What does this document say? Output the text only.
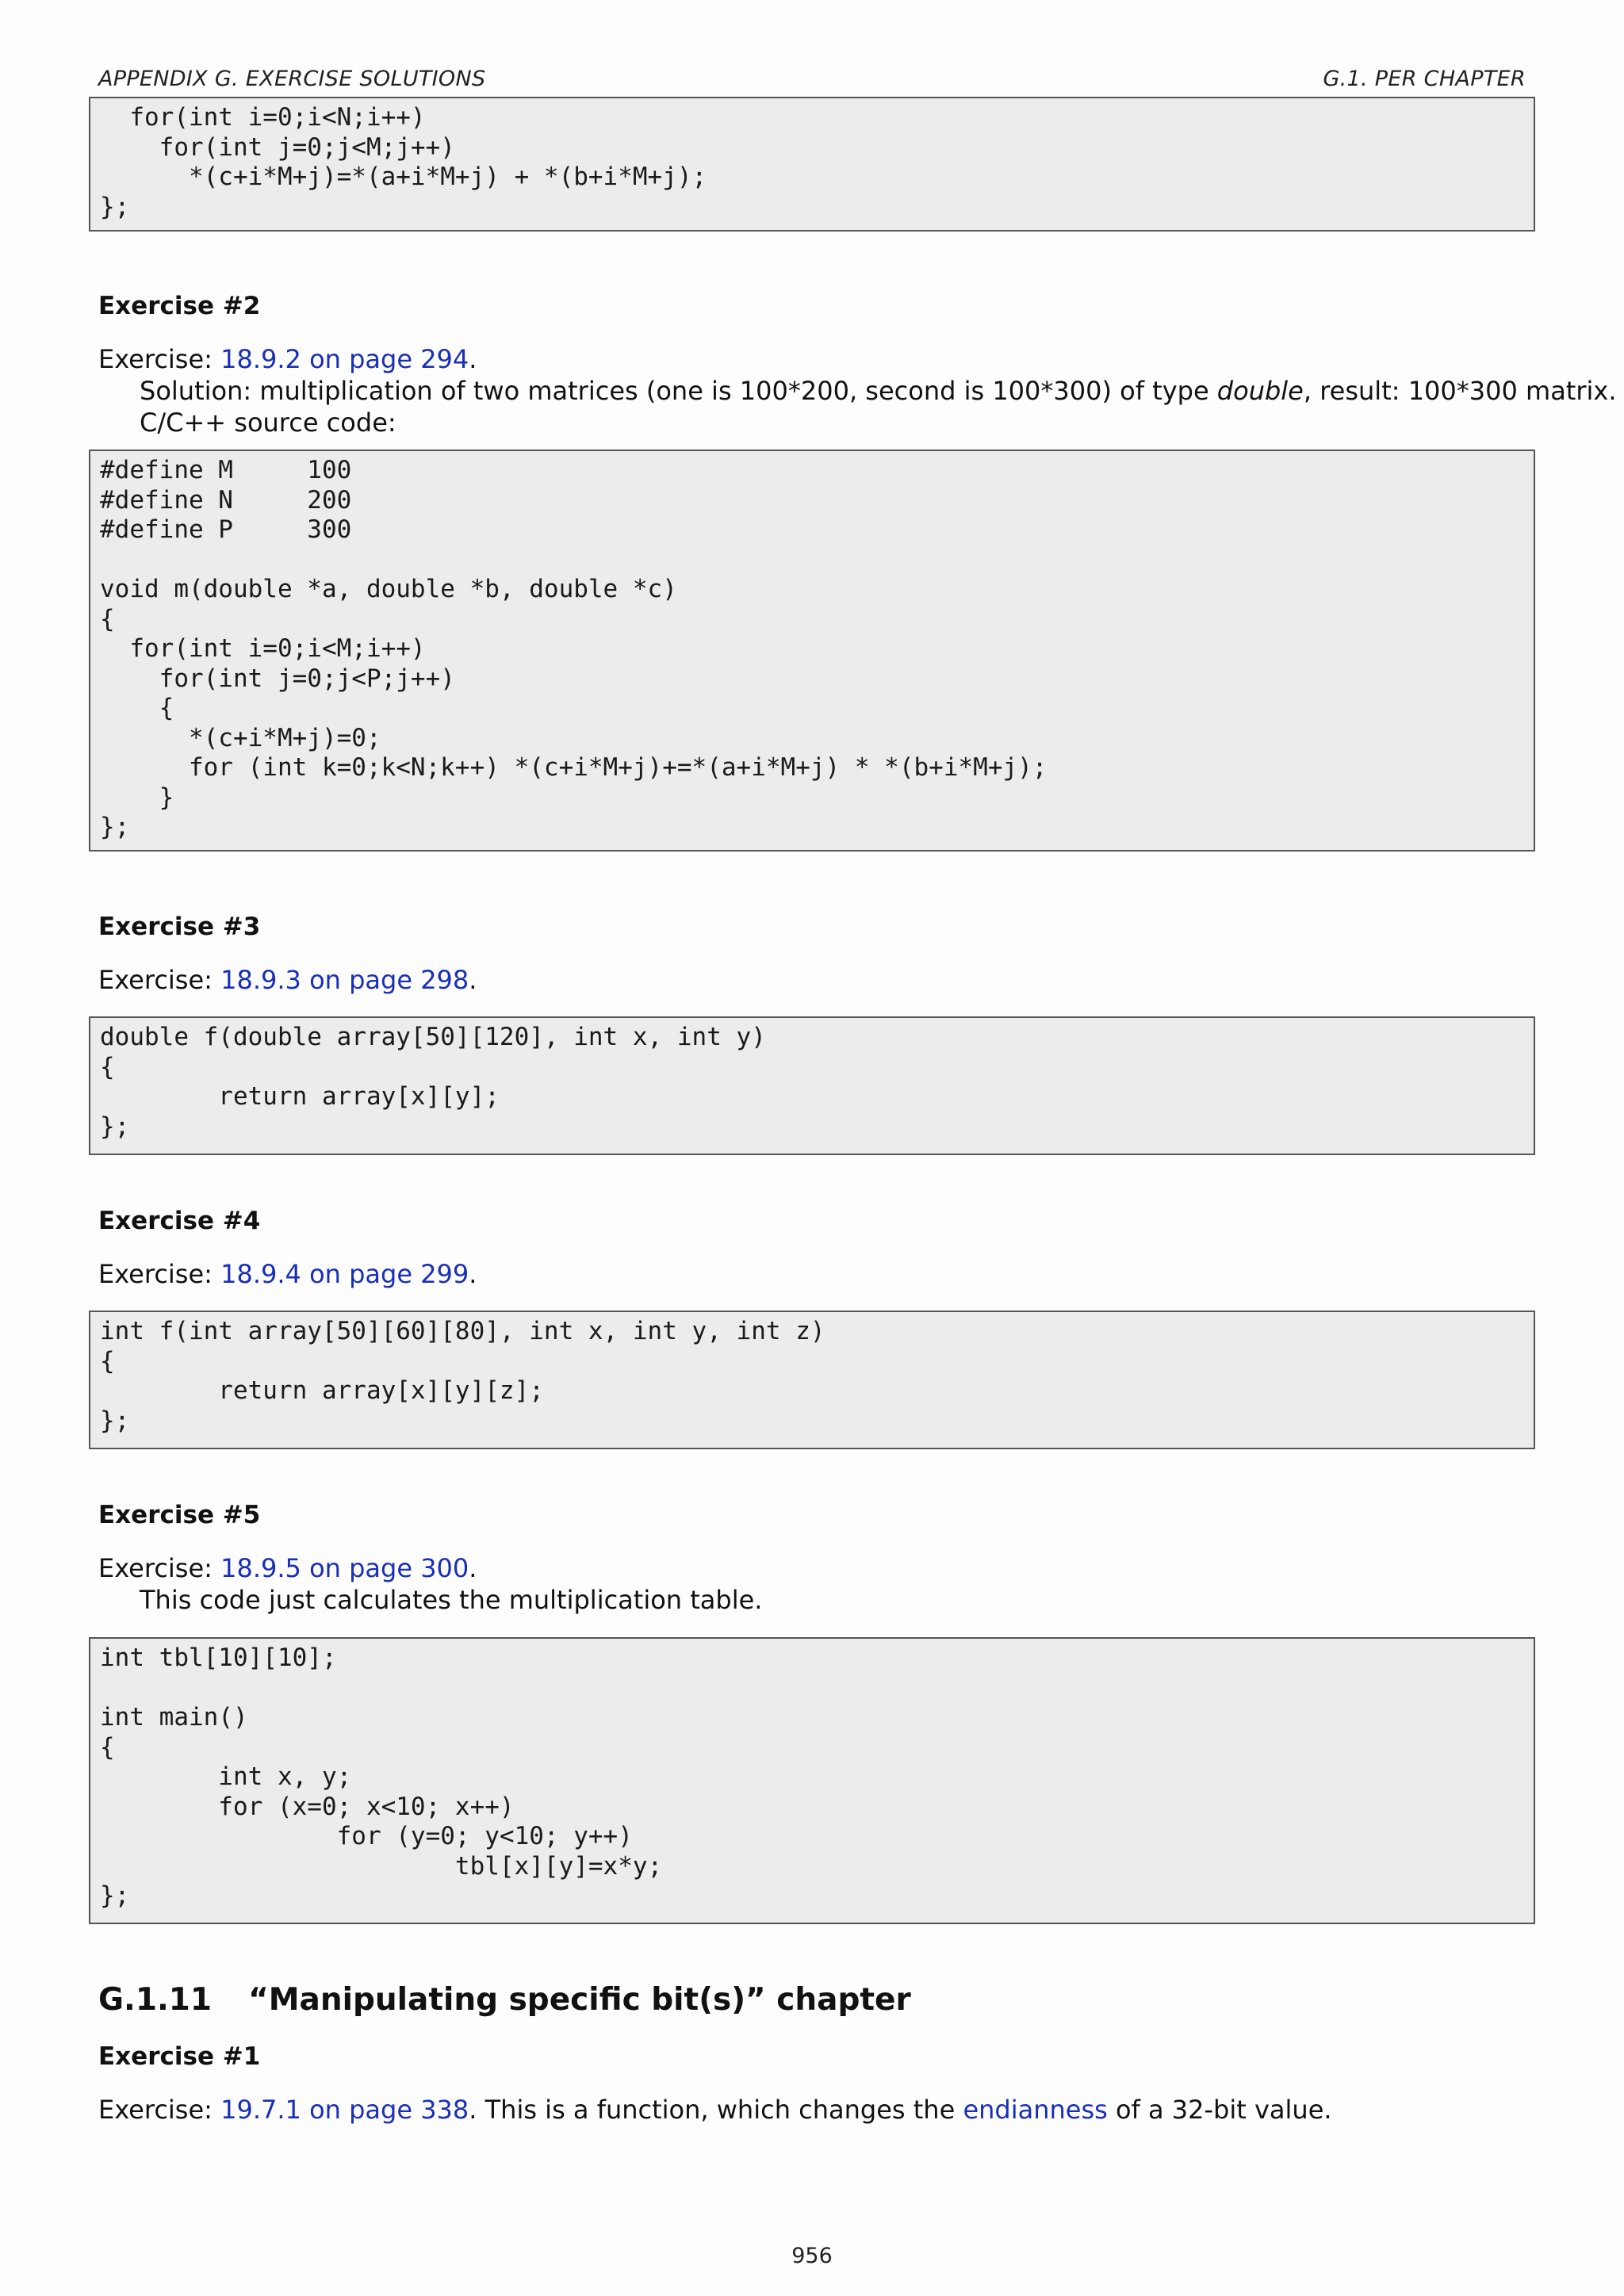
APPENDIX G. EXERCISE SOLUTIONS	G.1. PER CHAPTER
for(int i=0;i<N;i++)
for(int j=0;j<M;j++)
*(c+i*M+j)=*(a+i*M+j) + *(b+i*M+j);
};
Exercise #2
Exercise: 18.9.2 on page 294.
Solution: multiplication of two matrices (one is 100*200, second is 100*300) of type double, result: 100*300 matrix.
C/C++ source code:
#define M     100
#define N     200
#define P     300

void m(double *a, double *b, double *c)
{
for(int i=0;i<M;i++)
for(int j=0;j<P;j++)
{
*(c+i*M+j)=0;
for (int k=0;k<N;k++) *(c+i*M+j)+=*(a+i*M+j) * *(b+i*M+j);
}
};
Exercise #3
Exercise: 18.9.3 on page 298.
double f(double array[50][120], int x, int y)
{
return array[x][y];
};
Exercise #4
Exercise: 18.9.4 on page 299.
int f(int array[50][60][80], int x, int y, int z)
{
return array[x][y][z];
};
Exercise #5
Exercise: 18.9.5 on page 300.
This code just calculates the multiplication table.
int tbl[10][10];

int main()
{
int x, y;
for (x=0; x<10; x++)
for (y=0; y<10; y++)
tbl[x][y]=x*y;
};
G.1.11 “Manipulating specific bit(s)” chapter
Exercise #1
Exercise: 19.7.1 on page 338. This is a function, which changes the endianness of a 32-bit value.
956
